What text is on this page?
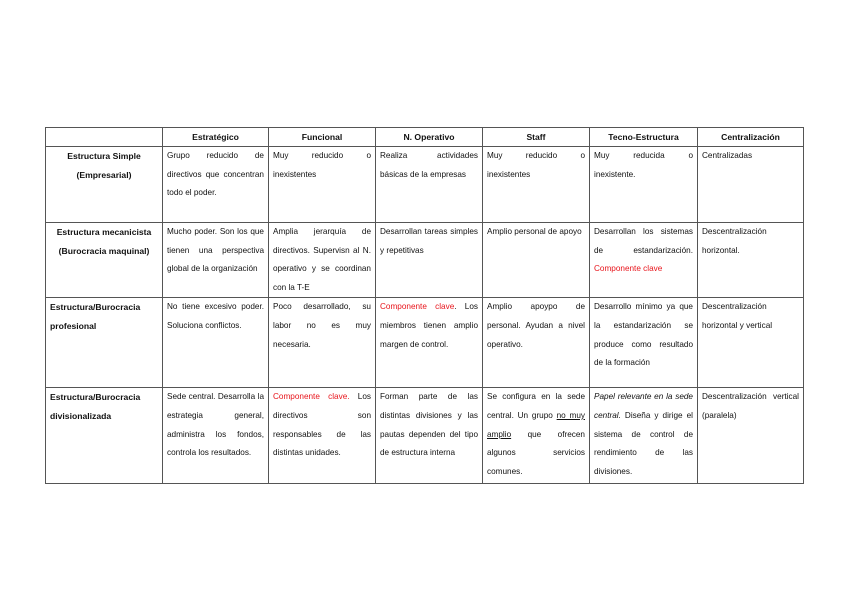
	Estratégico	Funcional	N. Operativo	Staff	Tecno-Estructura	Centralización
Estructura Simple (Empresarial)	Grupo reducido de directivos que concentran todo el poder.	Muy reducido o inexistentes	Realiza actividades básicas de la empresas	Muy reducido o inexistentes	Muy reducida o inexistente.	Centralizadas
Estructura mecanicista (Burocracia maquinal)	Mucho poder. Son los que tienen una perspectiva global de la organización	Amplia jerarquía de directivos. Supervisn al N. operativo y se coordinan con la T-E	Desarrollan tareas simples y repetitivas	Amplio personal de apoyo	Desarrollan los sistemas de estandarización. Componente clave	Descentralización horizontal.
Estructura/Burocracia profesional	No tiene excesivo poder. Soluciona conflictos.	Poco desarrollado, su labor no es muy necesaria.	Componente clave. Los miembros tienen amplio margen de control.	Amplio apoypo de personal. Ayudan a nivel operativo.	Desarrollo mínimo ya que la estandarización se produce como resultado de la formación	Descentralización horizontal y vertical
Estructura/Burocracia divisionalizada	Sede central. Desarrolla la estrategia general, administra los fondos, controla los resultados.	Componente clave. Los directivos son responsables de las distintas unidades.	Forman parte de las distintas divisiones y las pautas dependen del tipo de estructura interna	Se configura en la sede central. Un grupo no muy amplio que ofrecen algunos servicios comunes.	Papel relevante en la sede central. Diseña y dirige el sistema de control de rendimiento de las divisiones.	Descentralización vertical (paralela)
